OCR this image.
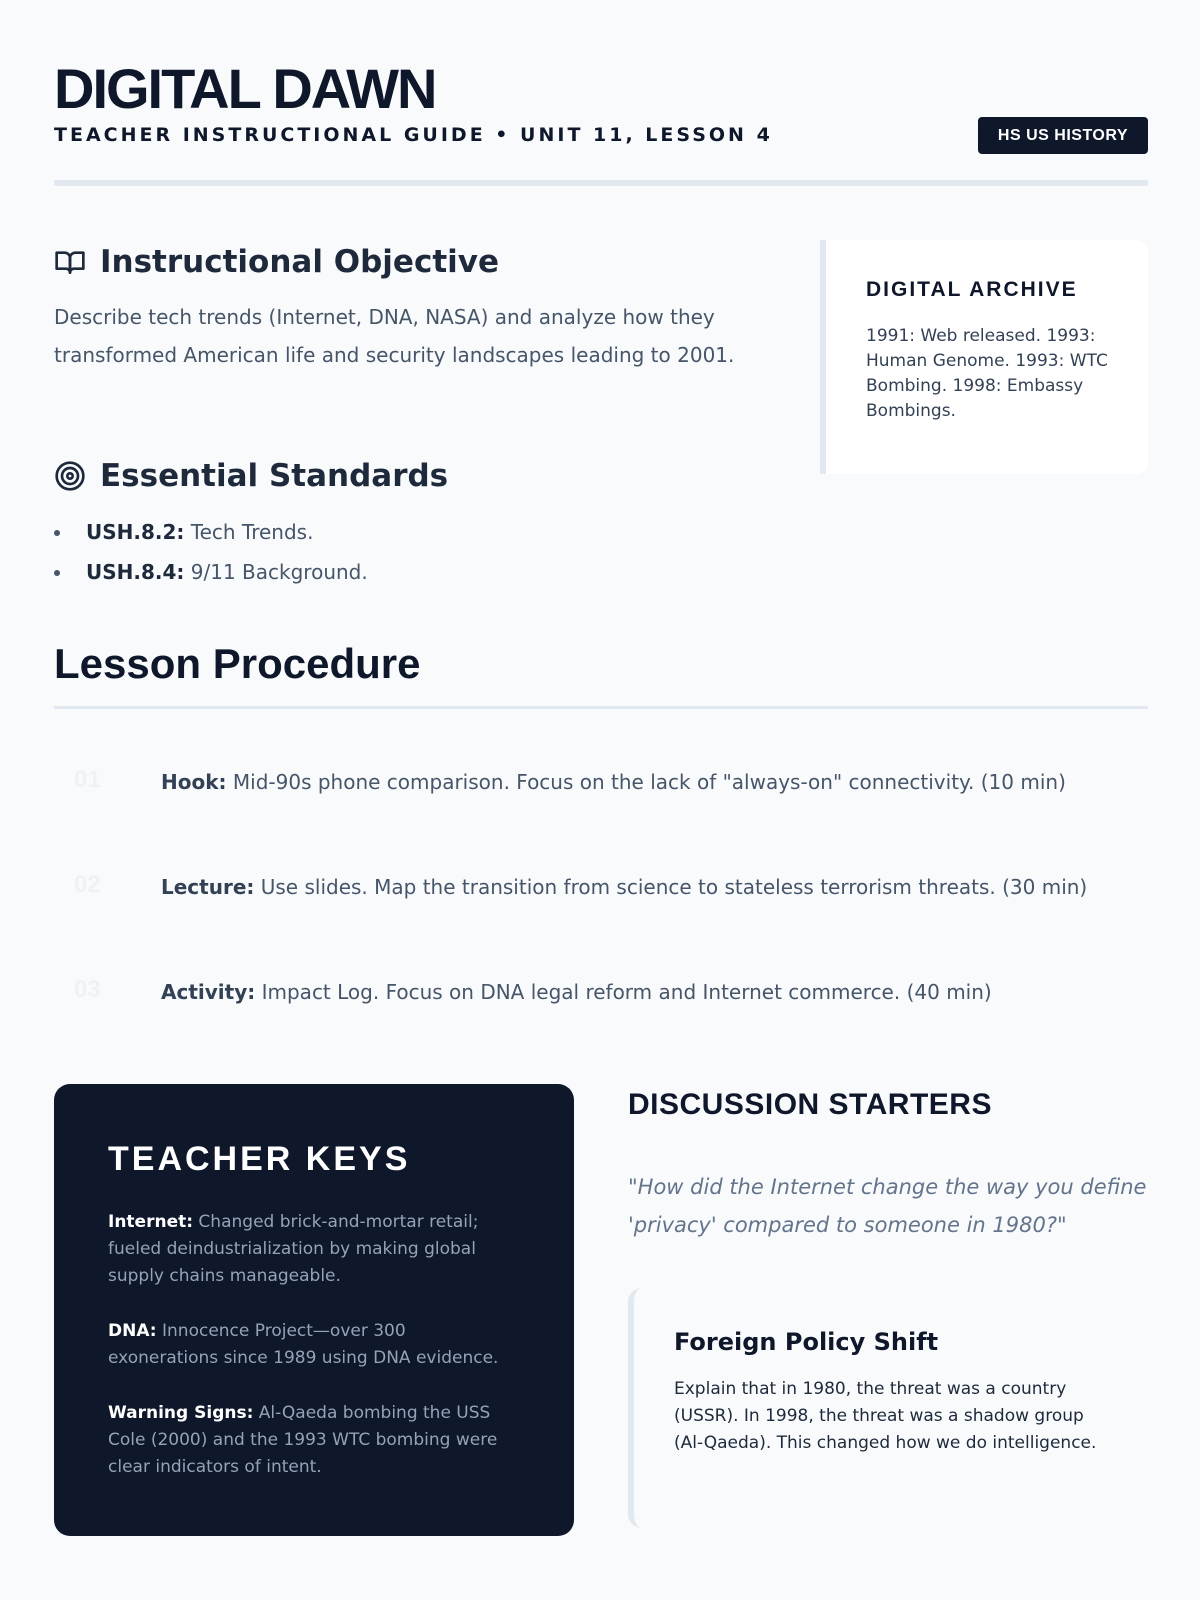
DIGITAL DAWN
TEACHER INSTRUCTIONAL GUIDE • UNIT 11, LESSON 4	HS US HISTORY
Instructional Objective

Describe tech trends (Internet, DNA, NASA) and analyze how they transformed American life and security landscapes leading to 2001.

Essential Standards
USH.8.2: Tech Trends.
USH.8.4: 9/11 Background.
DIGITAL ARCHIVE
1991: Web released. 1993: Human Genome. 1993: WTC Bombing. 1998: Embassy Bombings.
Lesson Procedure
01	Hook: Mid-90s phone comparison. Focus on the lack of "always-on" connectivity. (10 min)
02	Lecture: Use slides. Map the transition from science to stateless terrorism threats. (30 min)
03	Activity: Impact Log. Focus on DNA legal reform and Internet commerce. (40 min)
TEACHER KEYS

Internet: Changed brick-and-mortar retail; fueled deindustrialization by making global supply chains manageable.

DNA: Innocence Project—over 300 exonerations since 1989 using DNA evidence.

Warning Signs: Al-Qaeda bombing the USS Cole (2000) and the 1993 WTC bombing were clear indicators of intent.

DISCUSSION STARTERS

"How did the Internet change the way you define 'privacy' compared to someone in 1980?"

Foreign Policy Shift

Explain that in 1980, the threat was a country (USSR). In 1998, the threat was a shadow group (Al-Qaeda). This changed how we do intelligence.
